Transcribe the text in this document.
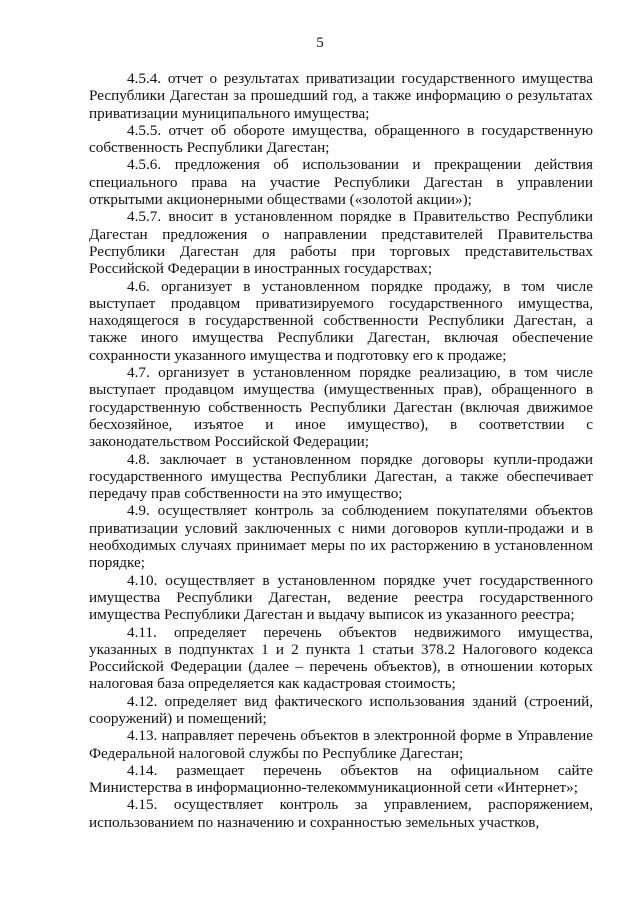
5

4.5.4. отчет о результатах приватизации государственного имущества Республики Дагестан за прошедший год, а также информацию о результатах приватизации муниципального имущества;

4.5.5. отчет об обороте имущества, обращенного в государственную собственность Республики Дагестан;

4.5.6. предложения об использовании и прекращении действия специального права на участие Республики Дагестан в управлении открытыми акционерными обществами («золотой акции»);

4.5.7. вносит в установленном порядке в Правительство Республики Дагестан предложения о направлении представителей Правительства Республики Дагестан для работы при торговых представительствах Российской Федерации в иностранных государствах;

4.6. организует в установленном порядке продажу, в том числе выступает продавцом приватизируемого государственного имущества, находящегося в государственной собственности Республики Дагестан, а также иного имущества Республики Дагестан, включая обеспечение сохранности указанного имущества и подготовку его к продаже;

4.7. организует в установленном порядке реализацию, в том числе выступает продавцом имущества (имущественных прав), обращенного в государственную собственность Республики Дагестан (включая движимое бесхозяйное, изъятое и иное имущество), в соответствии с законодательством Российской Федерации;

4.8. заключает в установленном порядке договоры купли-продажи государственного имущества Республики Дагестан, а также обеспечивает передачу прав собственности на это имущество;

4.9. осуществляет контроль за соблюдением покупателями объектов приватизации условий заключенных с ними договоров купли-продажи и в необходимых случаях принимает меры по их расторжению в установленном порядке;

4.10. осуществляет в установленном порядке учет государственного имущества Республики Дагестан, ведение реестра государственного имущества Республики Дагестан и выдачу выписок из указанного реестра;

4.11. определяет перечень объектов недвижимого имущества, указанных в подпунктах 1 и 2 пункта 1 статьи 378.2 Налогового кодекса Российской Федерации (далее – перечень объектов), в отношении которых налоговая база определяется как кадастровая стоимость;

4.12. определяет вид фактического использования зданий (строений, сооружений) и помещений;

4.13. направляет перечень объектов в электронной форме в Управление Федеральной налоговой службы по Республике Дагестан;

4.14. размещает перечень объектов на официальном сайте Министерства в информационно-телекоммуникационной сети «Интернет»;

4.15. осуществляет контроль за управлением, распоряжением, использованием по назначению и сохранностью земельных участков,
